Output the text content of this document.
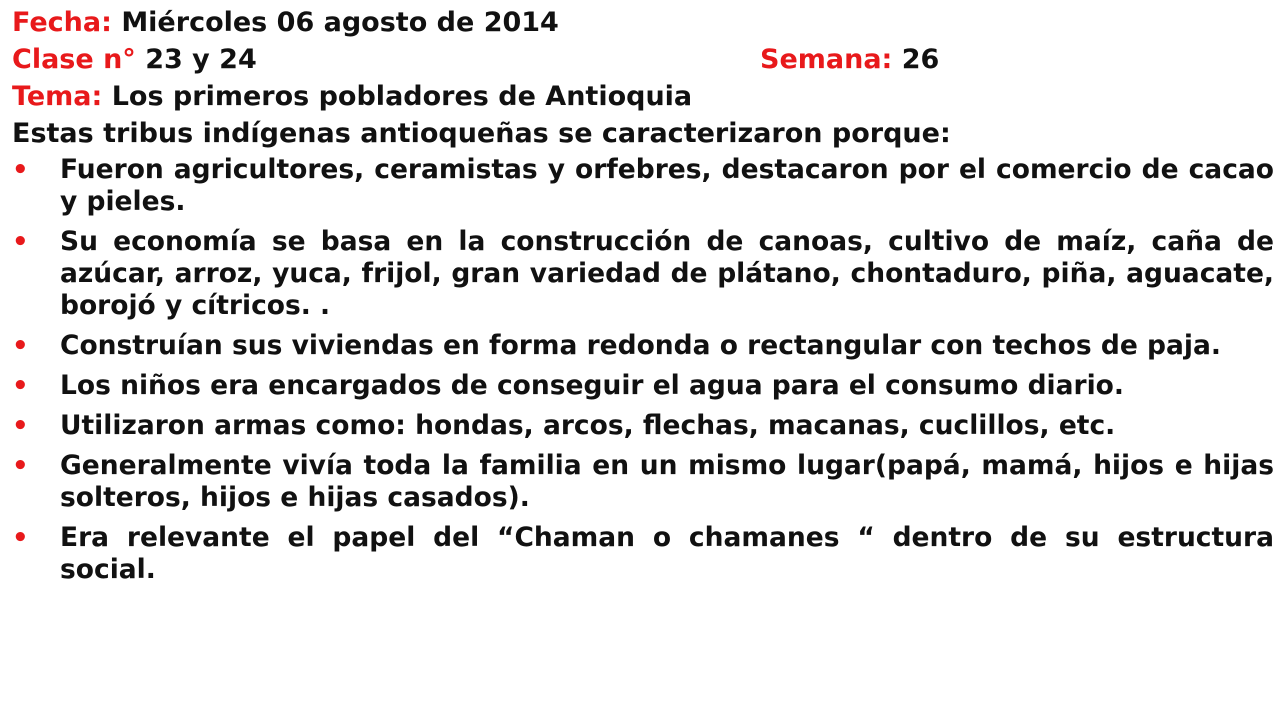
Fecha: Miércoles 06 agosto de 2014
Clase n° 23 y 24	Semana: 26
Tema: Los primeros pobladores de Antioquia
Estas tribus indígenas antioqueñas se caracterizaron porque:
• Fueron agricultores, ceramistas y orfebres, destacaron por el comercio de cacao y pieles.
• Su economía se basa en la construcción de canoas, cultivo de maíz, caña de azúcar, arroz, yuca, frijol, gran variedad de plátano, chontaduro, piña, aguacate, borojó y cítricos. .
• Construían sus viviendas en forma redonda o rectangular con techos de paja.
• Los niños era encargados de conseguir el agua para el consumo diario.
• Utilizaron armas como: hondas, arcos, flechas, macanas, cuclillos, etc.
• Generalmente vivía toda la familia en un mismo lugar(papá, mamá, hijos e hijas solteros, hijos e hijas casados).
• Era relevante el papel del “Chaman o chamanes “ dentro de su estructura social.
